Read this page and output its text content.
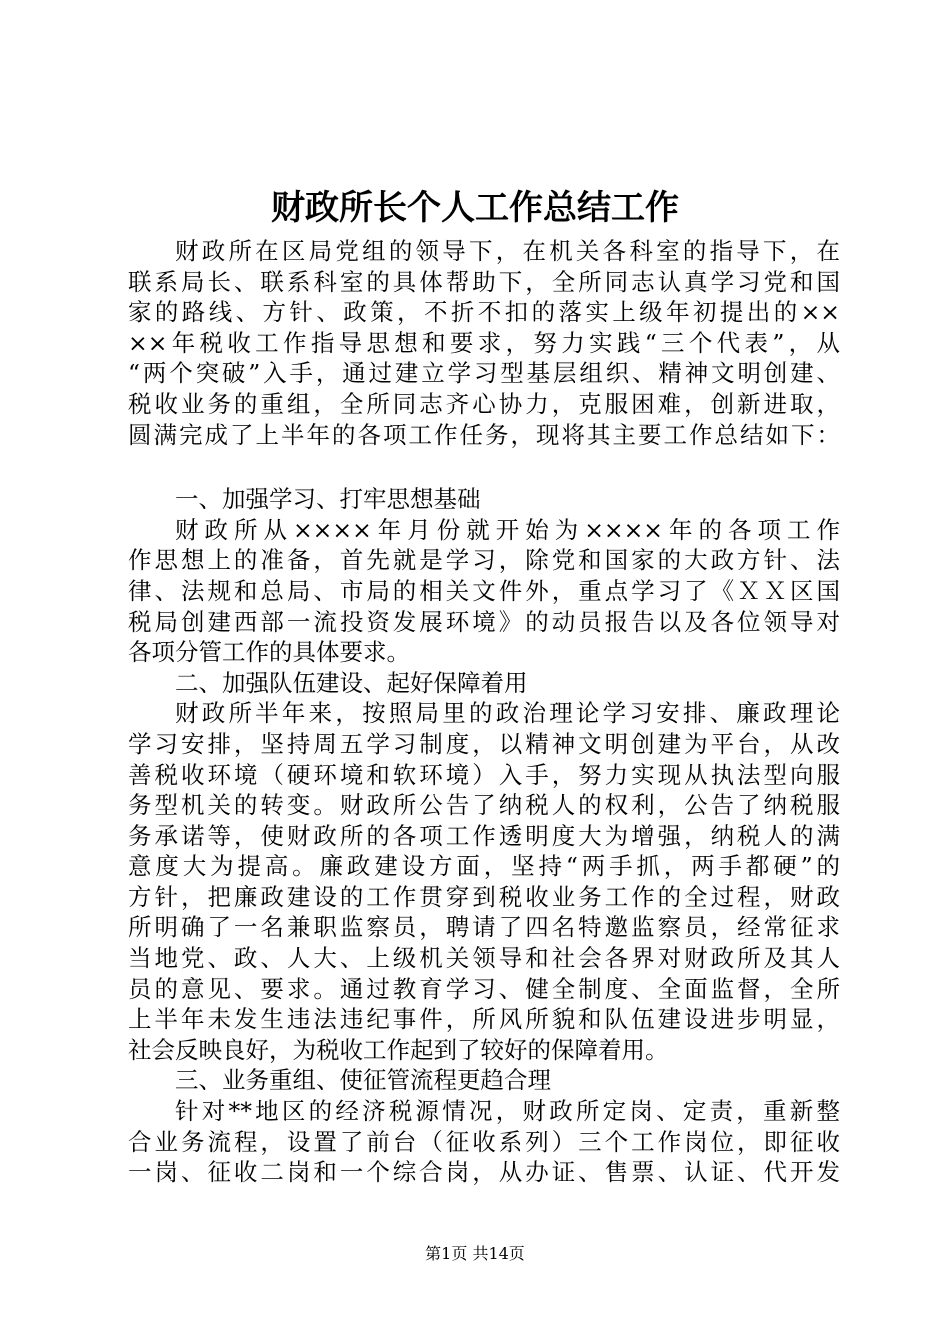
财政所长个人工作总结工作
财政所在区局党组的领导下，在机关各科室的指导下，在
联系局长、联系科室的具体帮助下，全所同志认真学习党和国
家的路线、方针、政策，不折不扣的落实上级年初提出的××
××年税收工作指导思想和要求，努力实践“三个代表”，从
“两个突破”入手，通过建立学习型基层组织、精神文明创建、
税收业务的重组，全所同志齐心协力，克服困难，创新进取，
圆满完成了上半年的各项工作任务，现将其主要工作总结如下：
一、加强学习、打牢思想基础
财政所从××××年月份就开始为××××年的各项工作
作思想上的准备，首先就是学习，除党和国家的大政方针、法
律、法规和总局、市局的相关文件外，重点学习了《ＸＸ区国
税局创建西部一流投资发展环境》的动员报告以及各位领导对
各项分管工作的具体要求。
二、加强队伍建设、起好保障着用
财政所半年来，按照局里的政治理论学习安排、廉政理论
学习安排，坚持周五学习制度，以精神文明创建为平台，从改
善税收环境（硬环境和软环境）入手，努力实现从执法型向服
务型机关的转变。财政所公告了纳税人的权利，公告了纳税服
务承诺等，使财政所的各项工作透明度大为增强，纳税人的满
意度大为提高。廉政建设方面，坚持“两手抓，两手都硬”的
方针，把廉政建设的工作贯穿到税收业务工作的全过程，财政
所明确了一名兼职监察员，聘请了四名特邀监察员，经常征求
当地党、政、人大、上级机关领导和社会各界对财政所及其人
员的意见、要求。通过教育学习、健全制度、全面监督，全所
上半年未发生违法违纪事件，所风所貌和队伍建设进步明显，
社会反映良好，为税收工作起到了较好的保障着用。
三、业务重组、使征管流程更趋合理
针对**地区的经济税源情况，财政所定岗、定责，重新整
合业务流程，设置了前台（征收系列）三个工作岗位，即征收
一岗、征收二岗和一个综合岗，从办证、售票、认证、代开发
第1页 共14页
